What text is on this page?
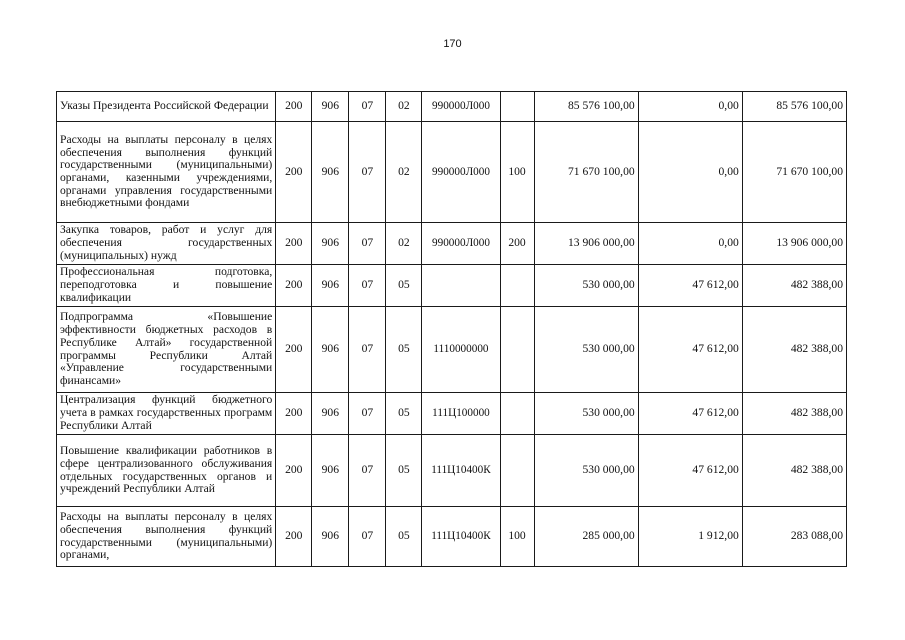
170
Указы Президента Российской Федерации	200	906	07	02	990000Л000		85 576 100,00	0,00	85 576 100,00
Расходы на выплаты персоналу в целях обеспечения выполнения функций государственными (муниципальными) органами, казенными учреждениями, органами управления государственными внебюджетными фондами	200	906	07	02	990000Л000	100	71 670 100,00	0,00	71 670 100,00
Закупка товаров, работ и услуг для обеспечения государственных (муниципальных) нужд	200	906	07	02	990000Л000	200	13 906 000,00	0,00	13 906 000,00
Профессиональная подготовка, переподготовка и повышение квалификации	200	906	07	05			530 000,00	47 612,00	482 388,00
Подпрограмма «Повышение эффективности бюджетных расходов в Республике Алтай» государственной программы Республики Алтай «Управление государственными финансами»	200	906	07	05	1110000000		530 000,00	47 612,00	482 388,00
Централизация функций бюджетного учета в рамках государственных программ Республики Алтай	200	906	07	05	111Ц100000		530 000,00	47 612,00	482 388,00
Повышение квалификации работников в сфере централизованного обслуживания отдельных государственных органов и учреждений Республики Алтай	200	906	07	05	111Ц10400К		530 000,00	47 612,00	482 388,00
Расходы на выплаты персоналу в целях обеспечения выполнения функций государственными (муниципальными) органами,	200	906	07	05	111Ц10400К	100	285 000,00	1 912,00	283 088,00
